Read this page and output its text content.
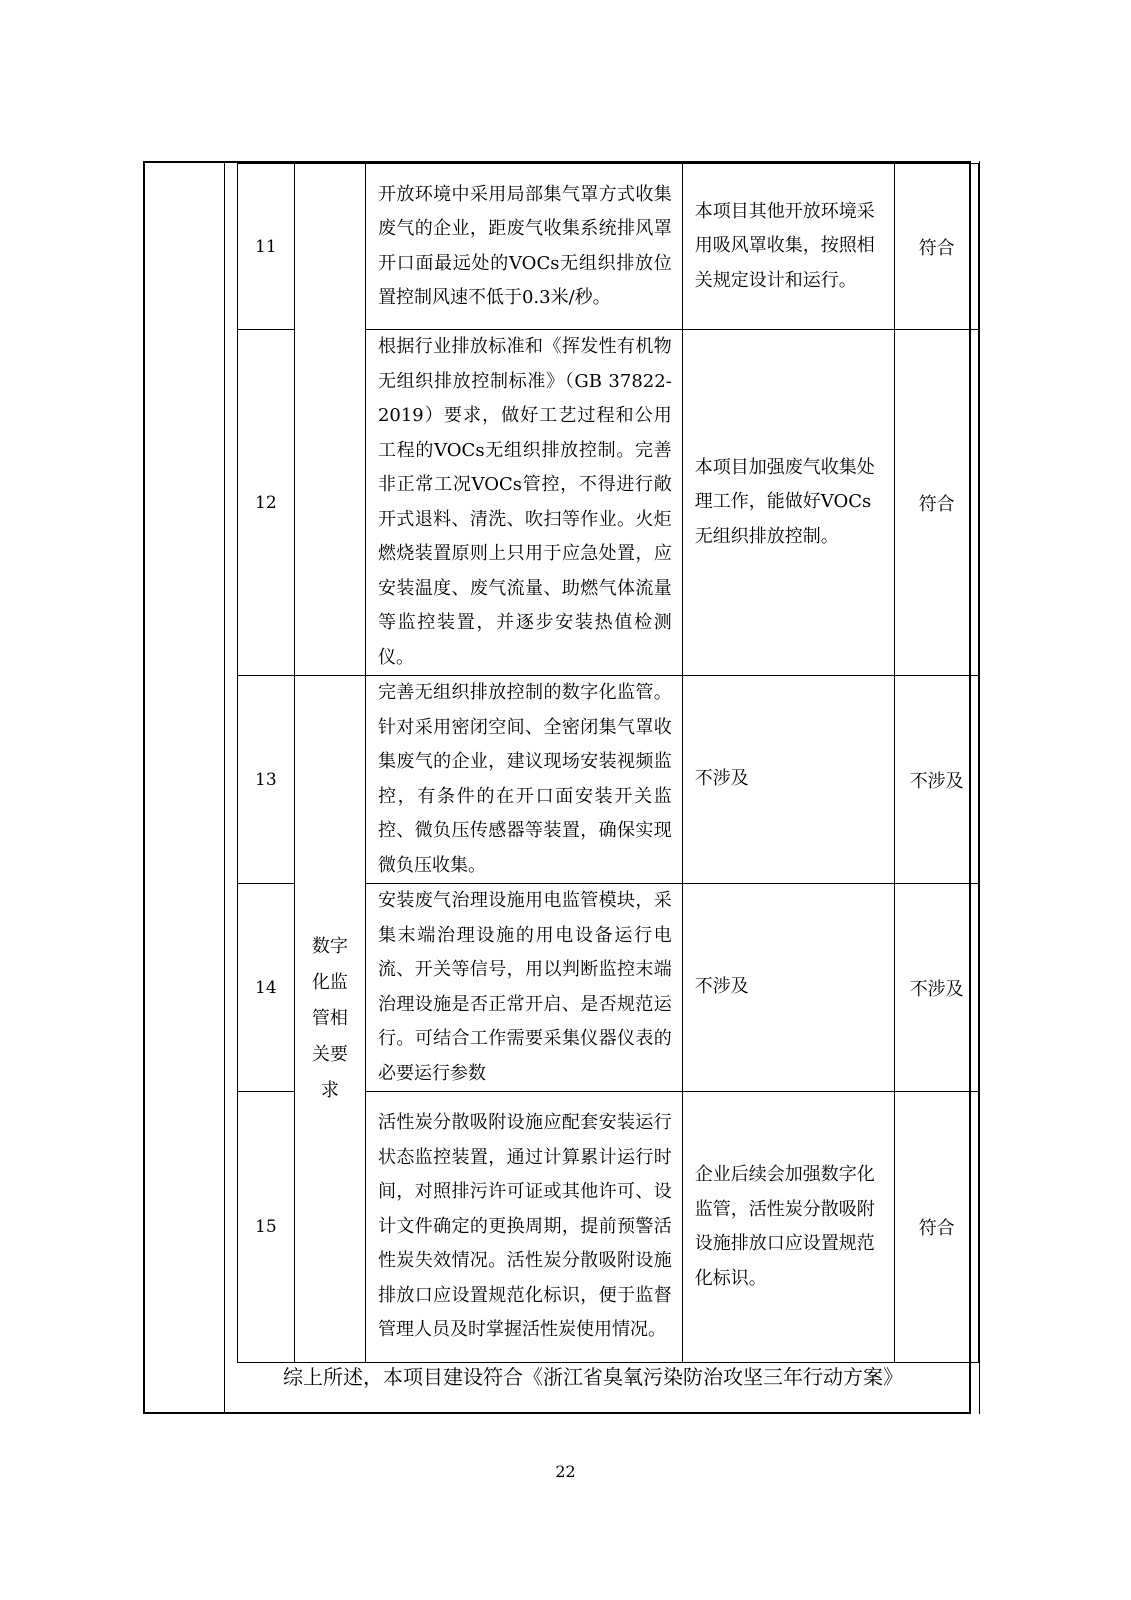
11		开放环境中采用局部集气罩方式收集废气的企业，距废气收集系统排风罩开口面最远处的VOCs无组织排放位置控制风速不低于0.3米/秒。	本项目其他开放环境采用吸风罩收集，按照相关规定设计和运行。	符合
12		根据行业排放标准和《挥发性有机物无组织排放控制标准》（GB 37822-2019）要求，做好工艺过程和公用工程的VOCs无组织排放控制。完善非正常工况VOCs管控，不得进行敞开式退料、清洗、吹扫等作业。火炬燃烧装置原则上只用于应急处置，应安装温度、废气流量、助燃气体流量等监控装置，并逐步安装热值检测仪。	本项目加强废气收集处理工作，能做好VOCs无组织排放控制。	符合
13	数字化监管相关要求	完善无组织排放控制的数字化监管。针对采用密闭空间、全密闭集气罩收集废气的企业，建议现场安装视频监控，有条件的在开口面安装开关监控、微负压传感器等装置，确保实现微负压收集。	不涉及	不涉及
14		安装废气治理设施用电监管模块，采集末端治理设施的用电设备运行电流、开关等信号，用以判断监控末端治理设施是否正常开启、是否规范运行。可结合工作需要采集仪器仪表的必要运行参数	不涉及	不涉及
15		活性炭分散吸附设施应配套安装运行状态监控装置，通过计算累计运行时间，对照排污许可证或其他许可、设计文件确定的更换周期，提前预警活性炭失效情况。活性炭分散吸附设施排放口应设置规范化标识，便于监督管理人员及时掌握活性炭使用情况。	企业后续会加强数字化监管，活性炭分散吸附设施排放口应设置规范化标识。	符合
综上所述，本项目建设符合《浙江省臭氧污染防治攻坚三年行动方案》
22
